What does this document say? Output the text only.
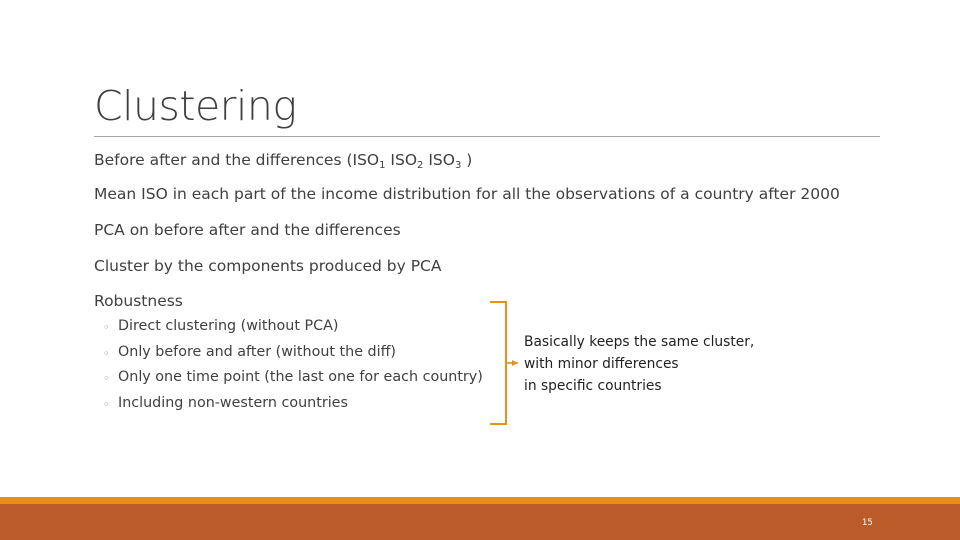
Clustering
Before after and the differences ($ISO_1$ $ISO_2$ $ISO_3$ )
Mean ISO in each part of the income distribution for all the observations of a country after 2000
PCA on before after and the differences
Cluster by the components produced by PCA
Robustness
◦ Direct clustering (without PCA)
◦ Only before and after (without the diff)
◦ Only one time point (the last one for each country)
◦ Including non-western countries
Basically keeps the same cluster,
with minor differences
in specific countries
15
